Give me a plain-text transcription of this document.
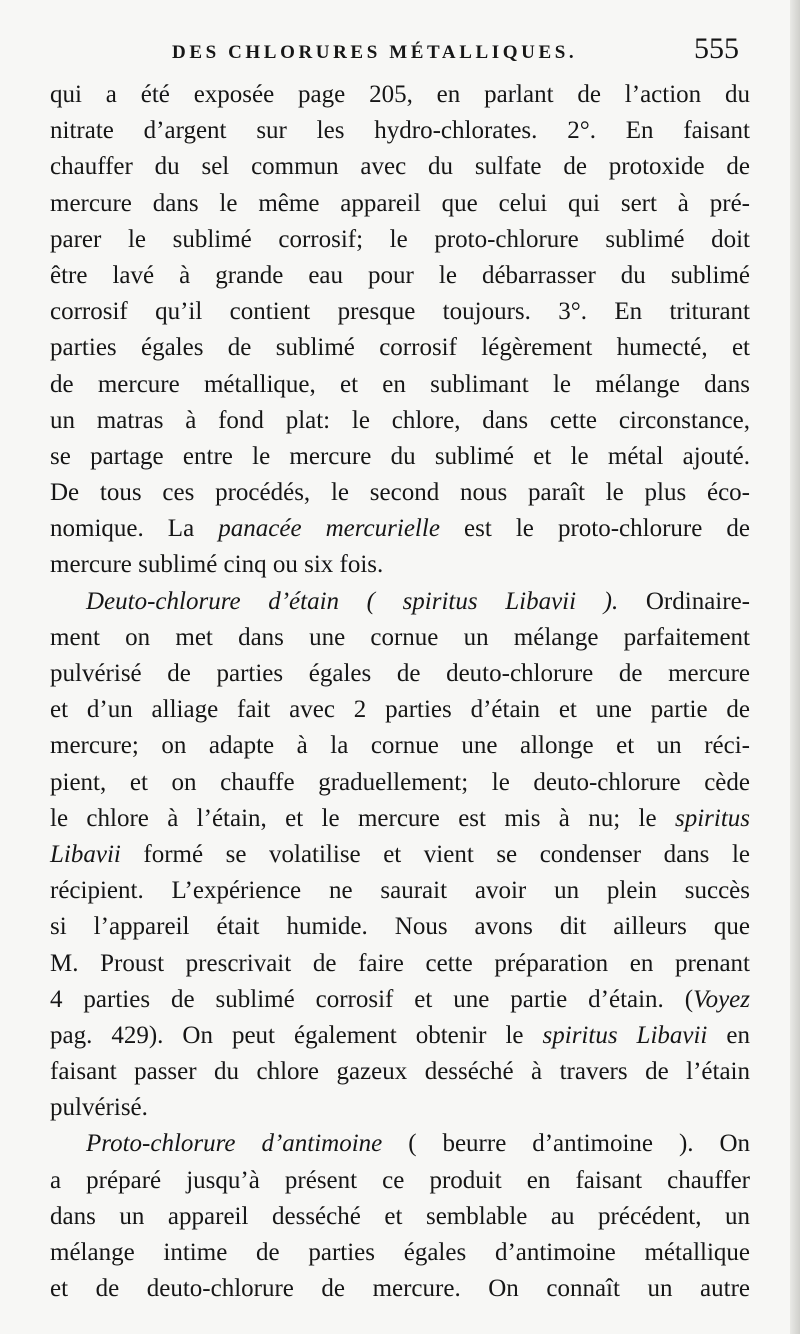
DES CHLORURES MÉTALLIQUES.	555
qui a été exposée page 205, en parlant de l’action du
nitrate d’argent sur les hydro-chlorates. 2°. En faisant
chauffer du sel commun avec du sulfate de protoxide de
mercure dans le même appareil que celui qui sert à pré-
parer le sublimé corrosif; le proto-chlorure sublimé doit
être lavé à grande eau pour le débarrasser du sublimé
corrosif qu’il contient presque toujours. 3°. En triturant
parties égales de sublimé corrosif légèrement humecté, et
de mercure métallique, et en sublimant le mélange dans
un matras à fond plat: le chlore, dans cette circonstance,
se partage entre le mercure du sublimé et le métal ajouté.
De tous ces procédés, le second nous paraît le plus éco-
nomique. La panacée mercurielle est le proto-chlorure de
mercure sublimé cinq ou six fois.
Deuto-chlorure d’étain ( spiritus Libavii ). Ordinaire-
ment on met dans une cornue un mélange parfaitement
pulvérisé de parties égales de deuto-chlorure de mercure
et d’un alliage fait avec 2 parties d’étain et une partie de
mercure; on adapte à la cornue une allonge et un réci-
pient, et on chauffe graduellement; le deuto-chlorure cède
le chlore à l’étain, et le mercure est mis à nu; le spiritus
Libavii formé se volatilise et vient se condenser dans le
récipient. L’expérience ne saurait avoir un plein succès
si l’appareil était humide. Nous avons dit ailleurs que
M. Proust prescrivait de faire cette préparation en prenant
4 parties de sublimé corrosif et une partie d’étain. (Voyez
pag. 429). On peut également obtenir le spiritus Libavii en
faisant passer du chlore gazeux desséché à travers de l’étain
pulvérisé.
Proto-chlorure d’antimoine ( beurre d’antimoine ). On
a préparé jusqu’à présent ce produit en faisant chauffer
dans un appareil desséché et semblable au précédent, un
mélange intime de parties égales d’antimoine métallique
et de deuto-chlorure de mercure. On connaît un autre
